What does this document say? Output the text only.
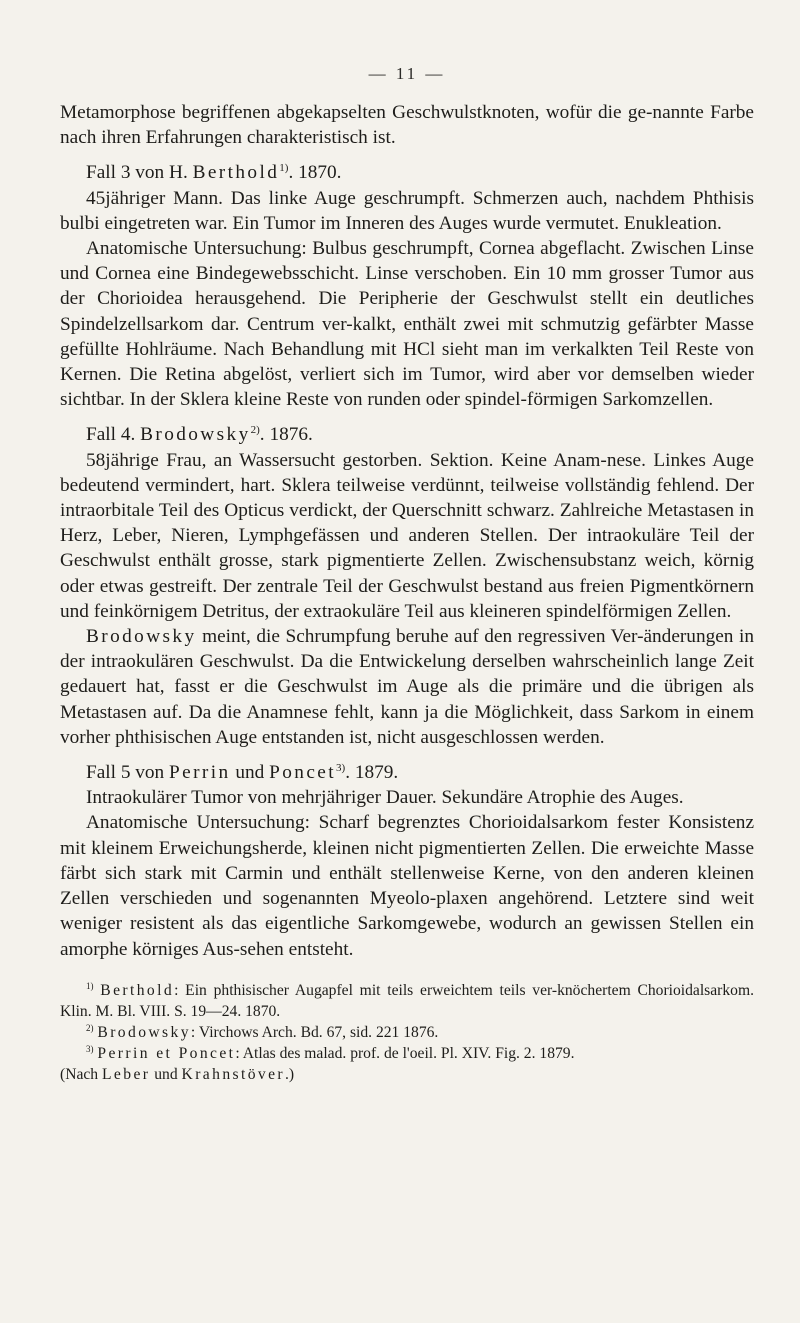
— 11 —

Metamorphose begriffenen abgekapselten Geschwulstknoten, wofür die ge-nannte Farbe nach ihren Erfahrungen charakteristisch ist.

Fall 3 von H. Berthold$^{1)}$. 1870.

45jähriger Mann. Das linke Auge geschrumpft. Schmerzen auch, nachdem Phthisis bulbi eingetreten war. Ein Tumor im Inneren des Auges wurde vermutet. Enukleation.

Anatomische Untersuchung: Bulbus geschrumpft, Cornea abgeflacht. Zwischen Linse und Cornea eine Bindegewebsschicht. Linse verschoben. Ein 10 mm grosser Tumor aus der Chorioidea herausgehend. Die Peripherie der Geschwulst stellt ein deutliches Spindelzellsarkom dar. Centrum ver-kalkt, enthält zwei mit schmutzig gefärbter Masse gefüllte Hohlräume. Nach Behandlung mit HCl sieht man im verkalkten Teil Reste von Kernen. Die Retina abgelöst, verliert sich im Tumor, wird aber vor demselben wieder sichtbar. In der Sklera kleine Reste von runden oder spindel-förmigen Sarkomzellen.

Fall 4. Brodowsky$^{2)}$. 1876.

58jährige Frau, an Wassersucht gestorben. Sektion. Keine Anam-nese. Linkes Auge bedeutend vermindert, hart. Sklera teilweise verdünnt, teilweise vollständig fehlend. Der intraorbitale Teil des Opticus verdickt, der Querschnitt schwarz. Zahlreiche Metastasen in Herz, Leber, Nieren, Lymphgefässen und anderen Stellen. Der intraokuläre Teil der Geschwulst enthält grosse, stark pigmentierte Zellen. Zwischensubstanz weich, körnig oder etwas gestreift. Der zentrale Teil der Geschwulst bestand aus freien Pigmentkörnern und feinkörnigem Detritus, der extraokuläre Teil aus kleineren spindelförmigen Zellen.

Brodowsky meint, die Schrumpfung beruhe auf den regressiven Ver-änderungen in der intraokulären Geschwulst. Da die Entwickelung derselben wahrscheinlich lange Zeit gedauert hat, fasst er die Geschwulst im Auge als die primäre und die übrigen als Metastasen auf. Da die Anamnese fehlt, kann ja die Möglichkeit, dass Sarkom in einem vorher phthisischen Auge entstanden ist, nicht ausgeschlossen werden.

Fall 5 von Perrin und Poncet$^{3)}$. 1879.

Intraokulärer Tumor von mehrjähriger Dauer. Sekundäre Atrophie des Auges.

Anatomische Untersuchung: Scharf begrenztes Chorioidalsarkom fester Konsistenz mit kleinem Erweichungsherde, kleinen nicht pigmentierten Zellen. Die erweichte Masse färbt sich stark mit Carmin und enthält stellenweise Kerne, von den anderen kleinen Zellen verschieden und sogenannten Myeolo-plaxen angehörend. Letztere sind weit weniger resistent als das eigentliche Sarkomgewebe, wodurch an gewissen Stellen ein amorphe körniges Aus-sehen entsteht.

$^{1)}$ Berthold: Ein phthisischer Augapfel mit teils erweichtem teils ver-knöchertem Chorioidalsarkom. Klin. M. Bl. VIII. S. 19—24. 1870.

$^{2)}$ Brodowsky: Virchows Arch. Bd. 67, sid. 221 1876.

$^{3)}$ Perrin et Poncet: Atlas des malad. prof. de l'oeil. Pl. XIV. Fig. 2. 1879.

(Nach Leber und Krahnstöver.)
